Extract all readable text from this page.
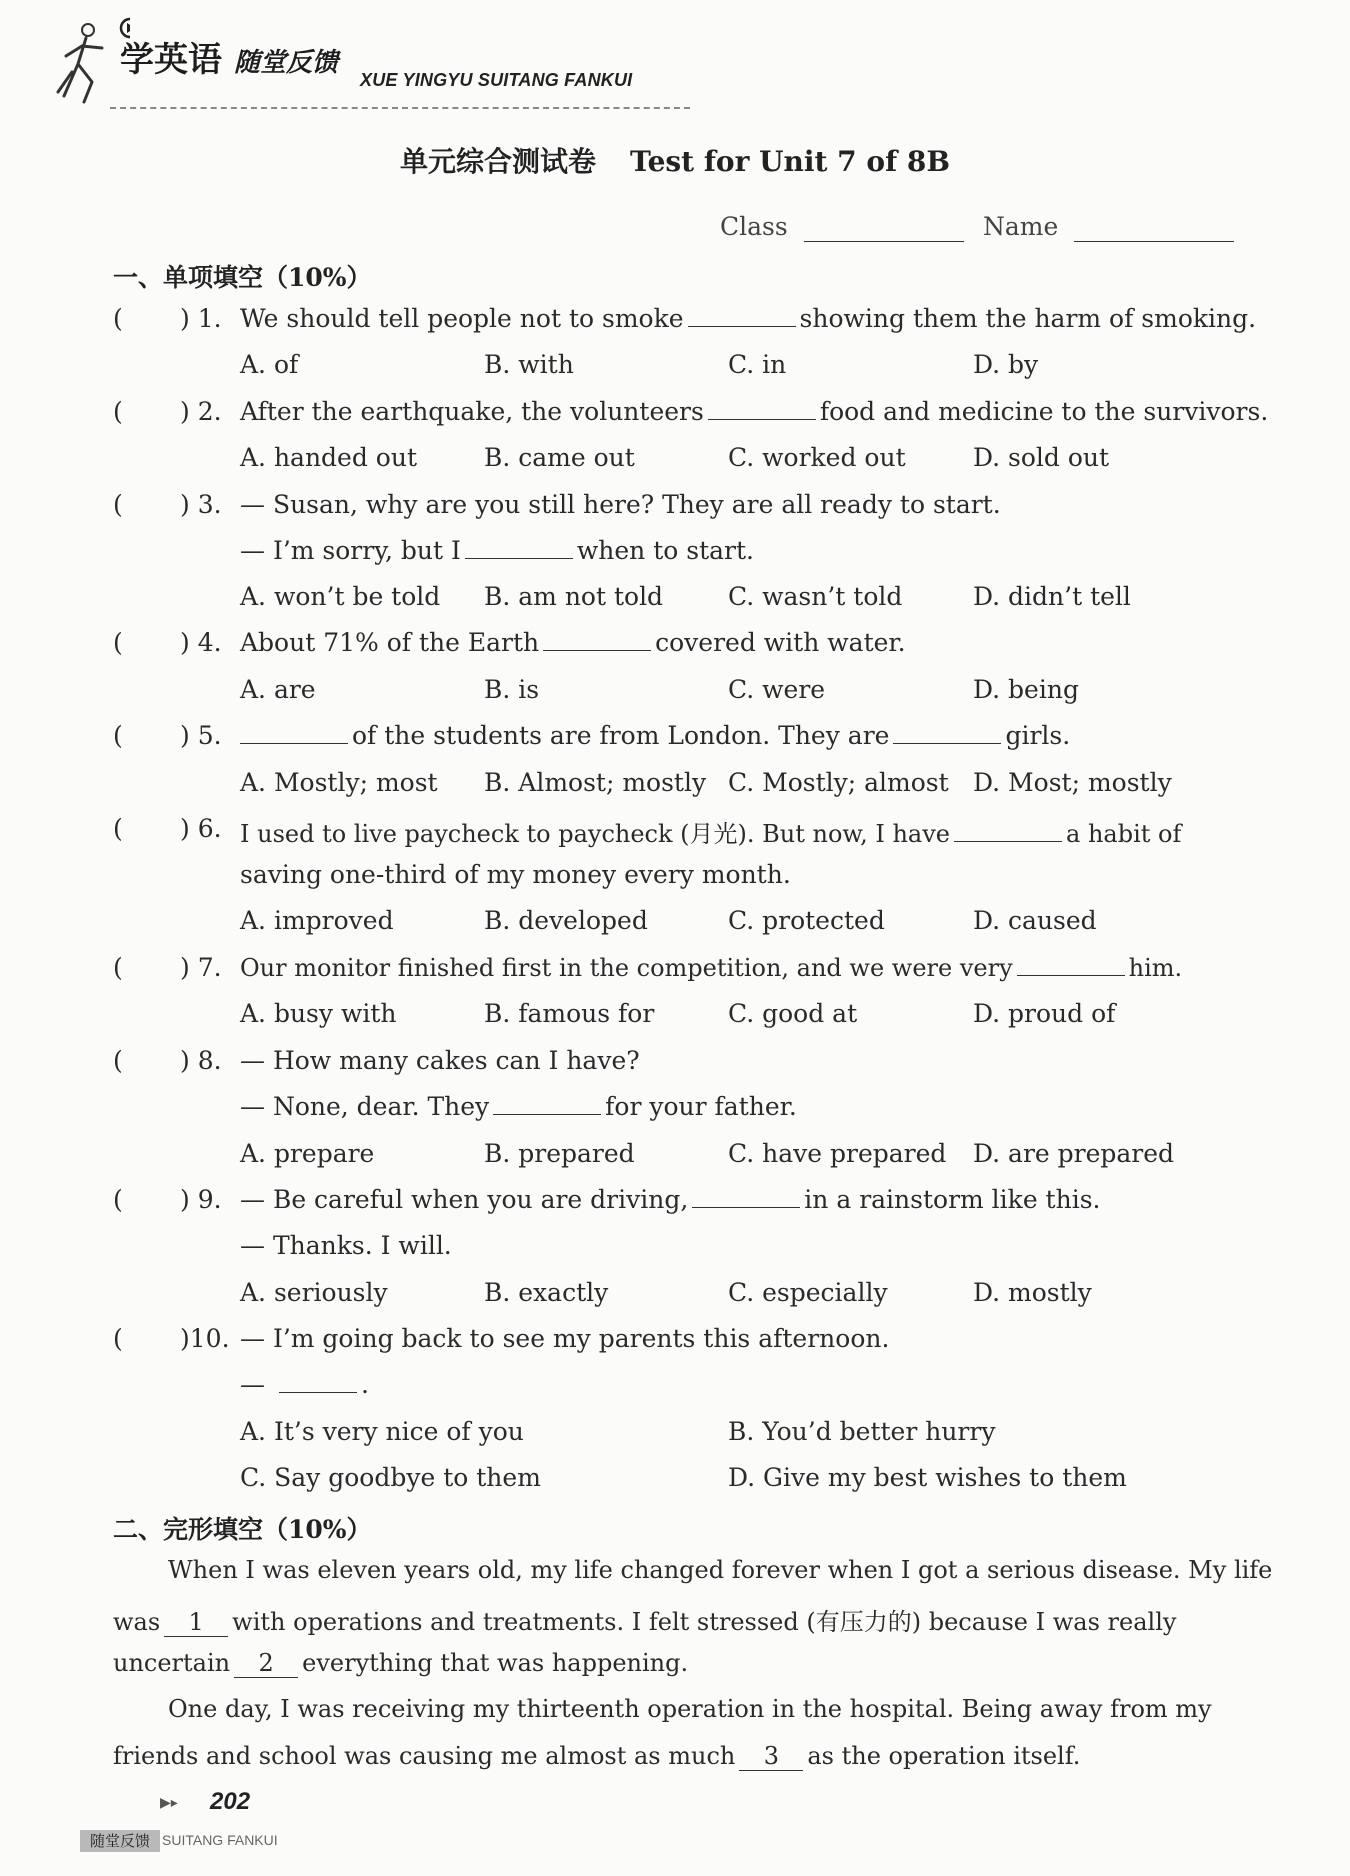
学英语 随堂反馈
XUE YINGYU SUITANG FANKUI
单元综合测试卷 Test for Unit 7 of 8B
Class	Name
一、单项填空（10%）
( ) 1. We should tell people not to smoke	showing them the harm of smoking.
A. of	B. with	C. in	D. by
( ) 2. After the earthquake, the volunteers	food and medicine to the survivors.
A. handed out	B. came out	C. worked out	D. sold out
( ) 3. — Susan, why are you still here? They are all ready to start.
— I’m sorry, but I	when to start.
A. won’t be told B. am not told	C. wasn’t told	D. didn’t tell
( ) 4. About 71% of the Earth	covered with water.
A. are	B. is	C. were	D. being
( ) 5.	of the students are from London. They are	girls.
A. Mostly; most B. Almost; mostly C. Mostly; almost D. Most; mostly
( ) 6. I used to live paycheck to paycheck (月光). But now, I have	a habit of
saving one-third of my money every month.
A. improved	B. developed	C. protected	D. caused
( ) 7. Our monitor finished first in the competition, and we were very	him.
A. busy with	B. famous for	C. good at	D. proud of
( ) 8. — How many cakes can I have?
— None, dear. They	for your father.
A. prepare	B. prepared	C. have prepared D. are prepared
( ) 9. — Be careful when you are driving,	in a rainstorm like this.
— Thanks. I will.
A. seriously	B. exactly	C. especially	D. mostly
( )10. — I’m going back to see my parents this afternoon.
—	.
A. It’s very nice of you	B. You’d better hurry
C. Say goodbye to them	D. Give my best wishes to them
二、完形填空（10%）
When I was eleven years old, my life changed forever when I got a serious disease. My life
was 1 with operations and treatments. I felt stressed (有压力的) because I was really
uncertain 2 everything that was happening.
One day, I was receiving my thirteenth operation in the hospital. Being away from my
friends and school was causing me almost as much 3 as the operation itself.
▶▸ 202
随堂反馈 SUITANG FANKUI
